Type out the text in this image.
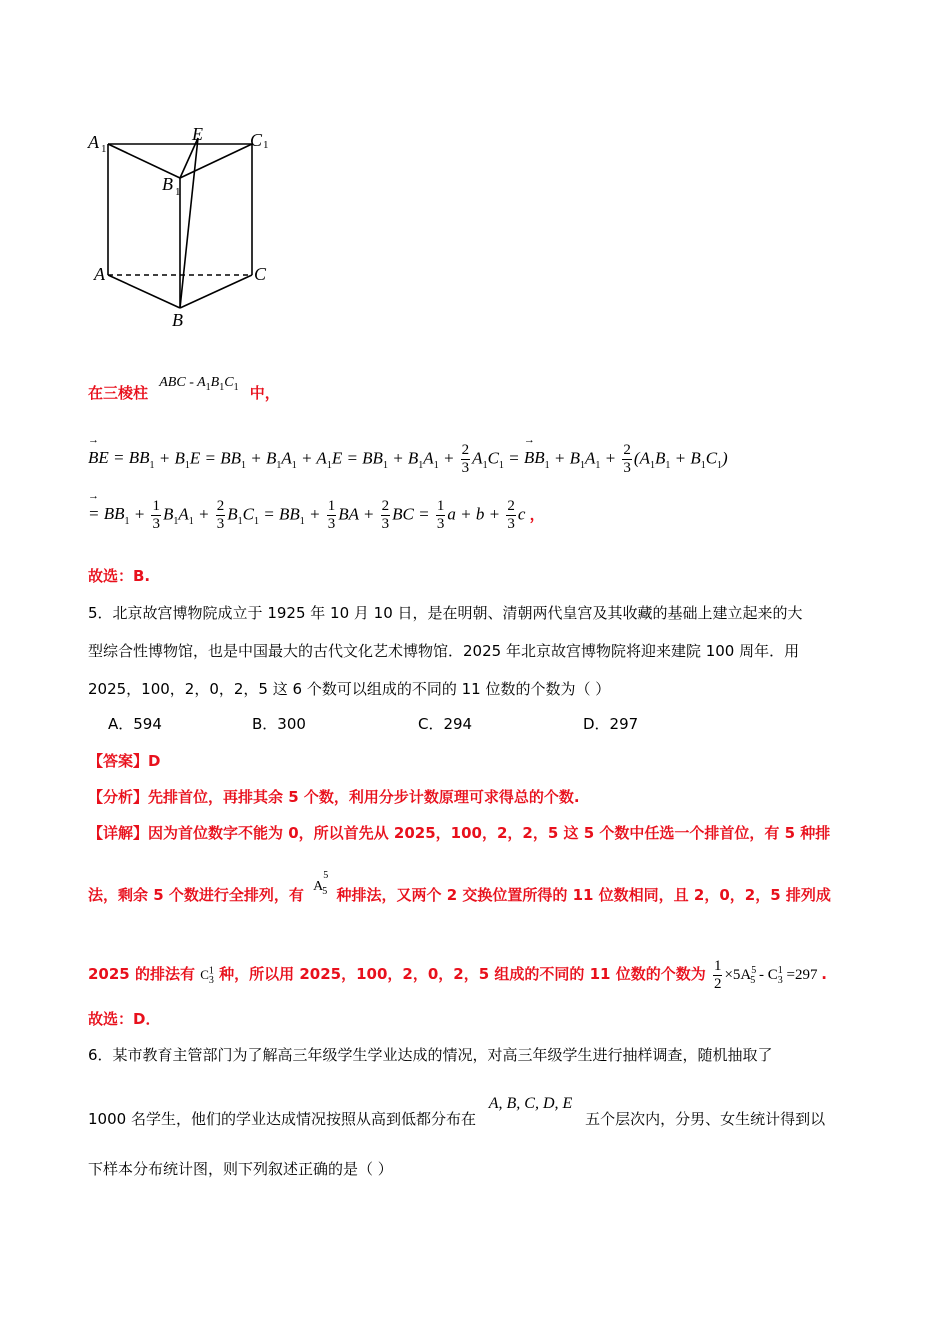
A 1
E	C 1
B 1
A	C
B
在三棱柱 ABC - $A_1B_1C_1$ 中，
→ BE = $BB_1 + B_1E = BB_1 + B_1A_1 + A_1E = BB_1 + B_1A_1 + \frac{2}{3} A_1C_1$ = → $BB_1 + B_1A_1 + \frac{2}{3} (A_1B_1 + B_1C_1)$
→ = $BB_1 + \frac{1}{3} B_1A_1 + \frac{2}{3} B_1C_1 = BB_1 + \frac{1}{3}$ BA + $\frac{2}{3}$ BC = $\frac{1}{3}$ $a + b + \frac{2}{3}$ c ，
故选：B.
5．北京故宫博物院成立于 1925 年 10 月 10 日，是在明朝、清朝两代皇宫及其收藏的基础上建立起来的大
型综合性博物馆，也是中国最大的古代文化艺术博物馆．2025 年北京故宫博物院将迎来建院 100 周年．用
2025，100，2，0，2，5 这 6 个数可以组成的不同的 11 位数的个数为（ ）
A．594	B．300	C．294	D．297
【答案】D
【分析】先排首位，再排其余 5 个数，利用分步计数原理可求得总的个数.
【详解】因为首位数字不能为 0，所以首先从 2025，100，2，2，5 这 5 个数中任选一个排首位，有 5 种排
法，剩余 5 个数进行全排列，有 $A^5_5$ 种排法，又两个 2 交换位置所得的 11 位数相同，且 2，0，2，5 排列成
2025 的排法有 $C^1_3$ 种，所以用 2025，100，2，0，2，5 组成的不同的 11 位数的个数为 $\frac{1}{2} \times 5A^5_5 - C^1_3 =297$ .
故选：D．
6．某市教育主管部门为了解高三年级学生学业达成的情况，对高三年级学生进行抽样调查，随机抽取了
1000 名学生，他们的学业达成情况按照从高到低都分布在 A, B, C, D, E 五个层次内，分男、女生统计得到以
下样本分布统计图，则下列叙述正确的是（ ）
